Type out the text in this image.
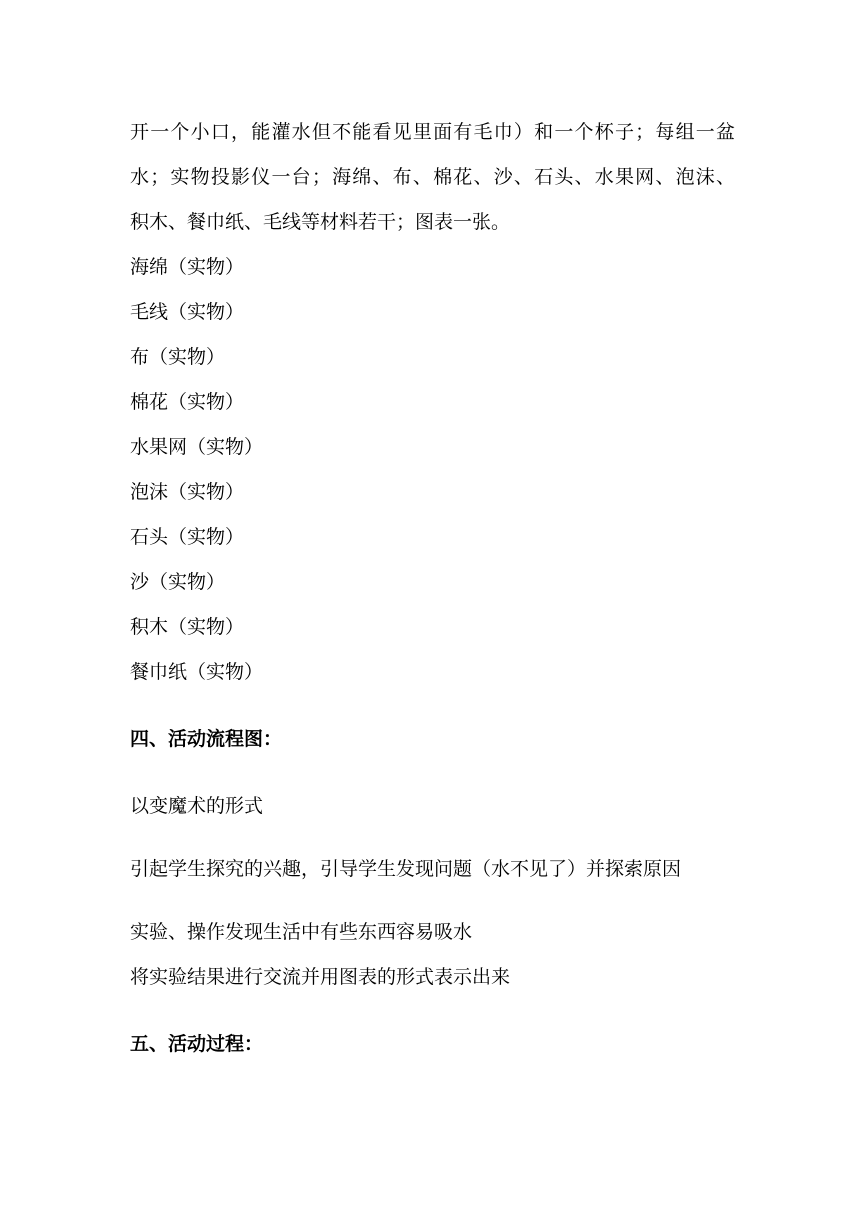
开一个小口，能灌水但不能看见里面有毛巾）和一个杯子；每组一盆

水；实物投影仪一台；海绵、布、棉花、沙、石头、水果网、泡沫、

积木、餐巾纸、毛线等材料若干；图表一张。

海绵（实物）

毛线（实物）

布（实物）

棉花（实物）

水果网（实物）

泡沫（实物）

石头（实物）

沙（实物）

积木（实物）

餐巾纸（实物）

四、活动流程图：

以变魔术的形式

引起学生探究的兴趣，引导学生发现问题（水不见了）并探索原因

实验、操作发现生活中有些东西容易吸水

将实验结果进行交流并用图表的形式表示出来

五、活动过程：
